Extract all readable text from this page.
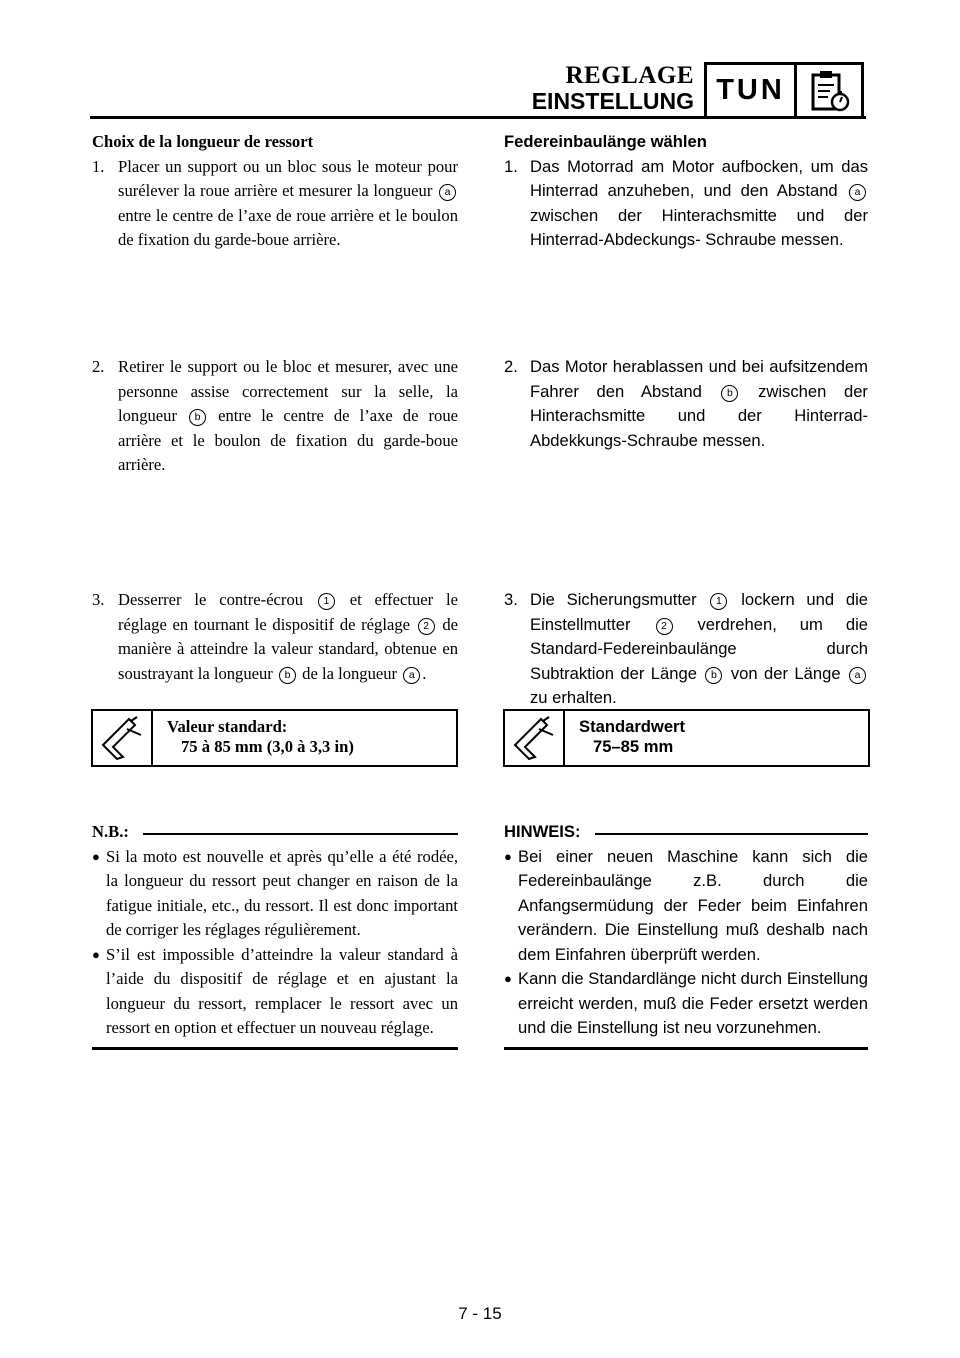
REGLAGE
EINSTELLUNG TUN
Choix de la longueur de ressort
1. Placer un support ou un bloc sous le moteur pour surélever la roue arrière et mesurer la longueur a entre le centre de l’axe de roue arrière et le boulon de fixation du garde-boue arrière.
Federeinbaulänge wählen
1. Das Motorrad am Motor aufbocken, um das Hinterrad anzuheben, und den Abstand a zwischen der Hinterachsmitte und der Hinterrad-Abdeckungs- Schraube messen.
2. Retirer le support ou le bloc et mesurer, avec une personne assise correctement sur la selle, la longueur b entre le centre de l’axe de roue arrière et le boulon de fixation du garde-boue arrière.
2. Das Motor herablassen und bei aufsitzendem Fahrer den Abstand b zwischen der Hinterachsmitte und der Hinterrad-Abdekkungs-Schraube messen.
3. Desserrer le contre-écrou 1 et effectuer le réglage en tournant le dispositif de réglage 2 de manière à atteindre la valeur standard, obtenue en soustrayant la longueur b de la longueur a .
3. Die Sicherungsmutter 1 lockern und die Einstellmutter	2 verdrehen, um die Standard-Federeinbaulänge durch Subtraktion der Länge b von der Länge a zu erhalten.
Valeur standard:
75 à 85 mm (3,0 à 3,3 in)
Standardwert
75–85 mm
N.B.:
● Si la moto est nouvelle et après qu’elle a été rodée, la longueur du ressort peut changer en raison de la fatigue initiale, etc., du ressort. Il est donc important de corriger les réglages régulièrement.
● S’il est impossible d’atteindre la valeur standard à l’aide du dispositif de réglage et en ajustant la longueur du ressort, remplacer le ressort avec un ressort en option et effectuer un nouveau réglage.
HINWEIS:
● Bei einer neuen Maschine kann sich die Federeinbaulänge z.B. durch die Anfangsermüdung der Feder beim Einfahren verändern. Die Einstellung muß deshalb nach dem Einfahren überprüft werden.
● Kann die Standardlänge nicht durch Einstellung erreicht werden, muß die Feder ersetzt werden und die Einstellung ist neu vorzunehmen.
7 - 15
